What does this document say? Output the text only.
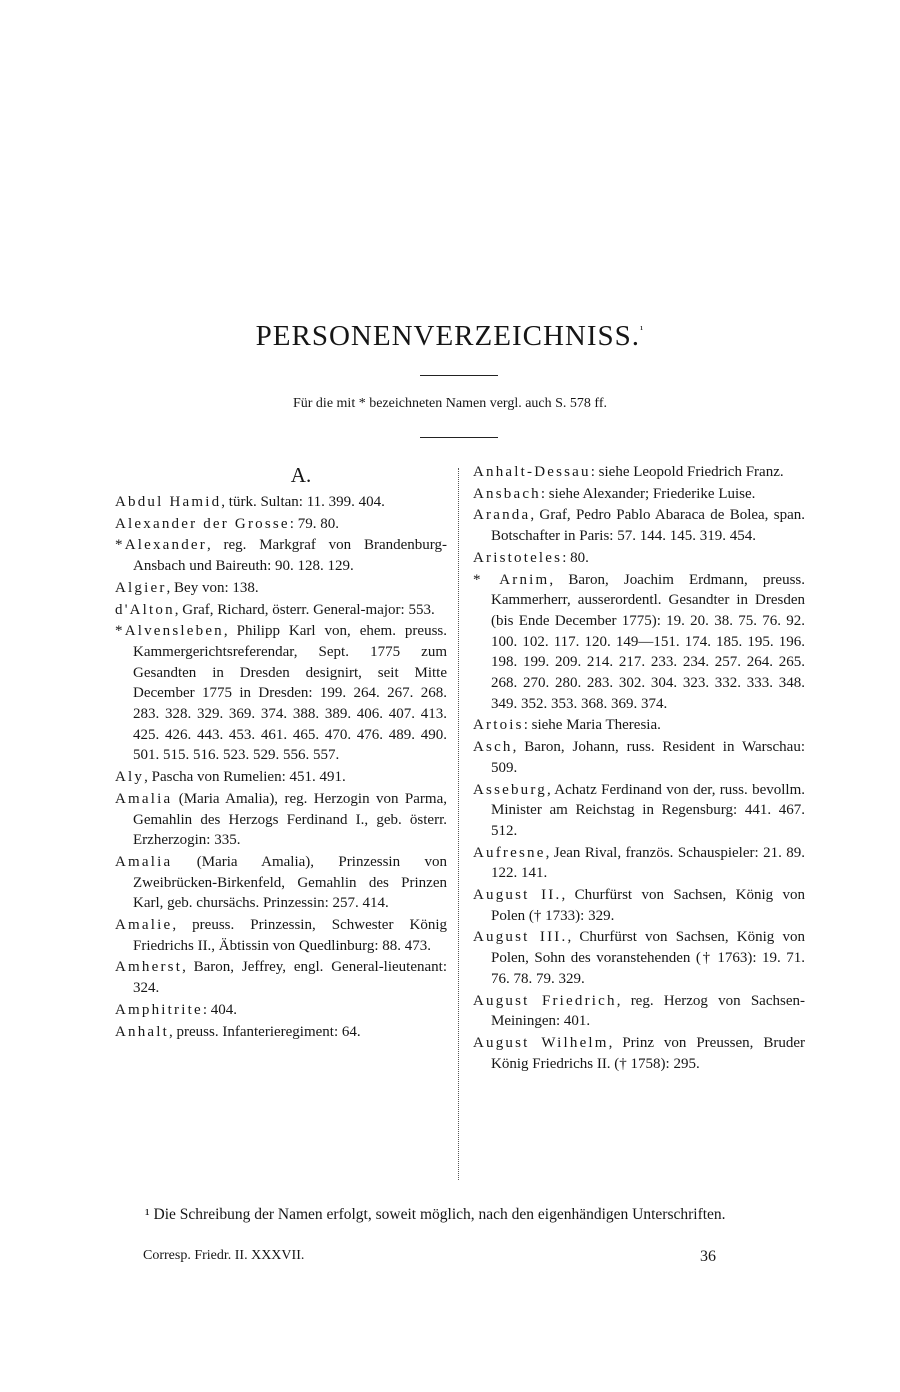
PERSONENVERZEICHNISS.$^{^1}$
Für die mit * bezeichneten Namen vergl. auch S. 578 ff.
A.

Abdul Hamid, türk. Sultan: 11. 399. 404.

Alexander der Grosse: 79. 80.

*Alexander, reg. Markgraf von Brandenburg-Ansbach und Baireuth: 90. 128. 129.

Algier, Bey von: 138.

d'Alton, Graf, Richard, österr. General-major: 553.

*Alvensleben, Philipp Karl von, ehem. preuss. Kammergerichtsreferendar, Sept. 1775 zum Gesandten in Dresden designirt, seit Mitte December 1775 in Dresden: 199. 264. 267. 268. 283. 328. 329. 369. 374. 388. 389. 406. 407. 413. 425. 426. 443. 453. 461. 465. 470. 476. 489. 490. 501. 515. 516. 523. 529. 556. 557.

Aly, Pascha von Rumelien: 451. 491.

Amalia (Maria Amalia), reg. Herzogin von Parma, Gemahlin des Herzogs Ferdinand I., geb. österr. Erzherzogin: 335.

Amalia (Maria Amalia), Prinzessin von Zweibrücken-Birkenfeld, Gemahlin des Prinzen Karl, geb. chursächs. Prinzessin: 257. 414.

Amalie, preuss. Prinzessin, Schwester König Friedrichs II., Äbtissin von Quedlinburg: 88. 473.

Amherst, Baron, Jeffrey, engl. General-lieutenant: 324.

Amphitrite: 404.

Anhalt, preuss. Infanterieregiment: 64.

Anhalt-Dessau: siehe Leopold Friedrich Franz.

Ansbach: siehe Alexander; Friederike Luise.

Aranda, Graf, Pedro Pablo Abaraca de Bolea, span. Botschafter in Paris: 57. 144. 145. 319. 454.

Aristoteles: 80.

* Arnim, Baron, Joachim Erdmann, preuss. Kammerherr, ausserordentl. Gesandter in Dresden (bis Ende December 1775): 19. 20. 38. 75. 76. 92. 100. 102. 117. 120. 149—151. 174. 185. 195. 196. 198. 199. 209. 214. 217. 233. 234. 257. 264. 265. 268. 270. 280. 283. 302. 304. 323. 332. 333. 348. 349. 352. 353. 368. 369. 374.

Artois: siehe Maria Theresia.

Asch, Baron, Johann, russ. Resident in Warschau: 509.

Asseburg, Achatz Ferdinand von der, russ. bevollm. Minister am Reichstag in Regensburg: 441. 467. 512.

Aufresne, Jean Rival, französ. Schauspieler: 21. 89. 122. 141.

August II., Churfürst von Sachsen, König von Polen († 1733): 329.

August III., Churfürst von Sachsen, König von Polen, Sohn des voranstehenden († 1763): 19. 71. 76. 78. 79. 329.

August Friedrich, reg. Herzog von Sachsen-Meiningen: 401.

August Wilhelm, Prinz von Preussen, Bruder König Friedrichs II. († 1758): 295.

¹ Die Schreibung der Namen erfolgt, soweit möglich, nach den eigenhändigen Unterschriften.

Corresp. Friedr. II. XXXVII.	36
